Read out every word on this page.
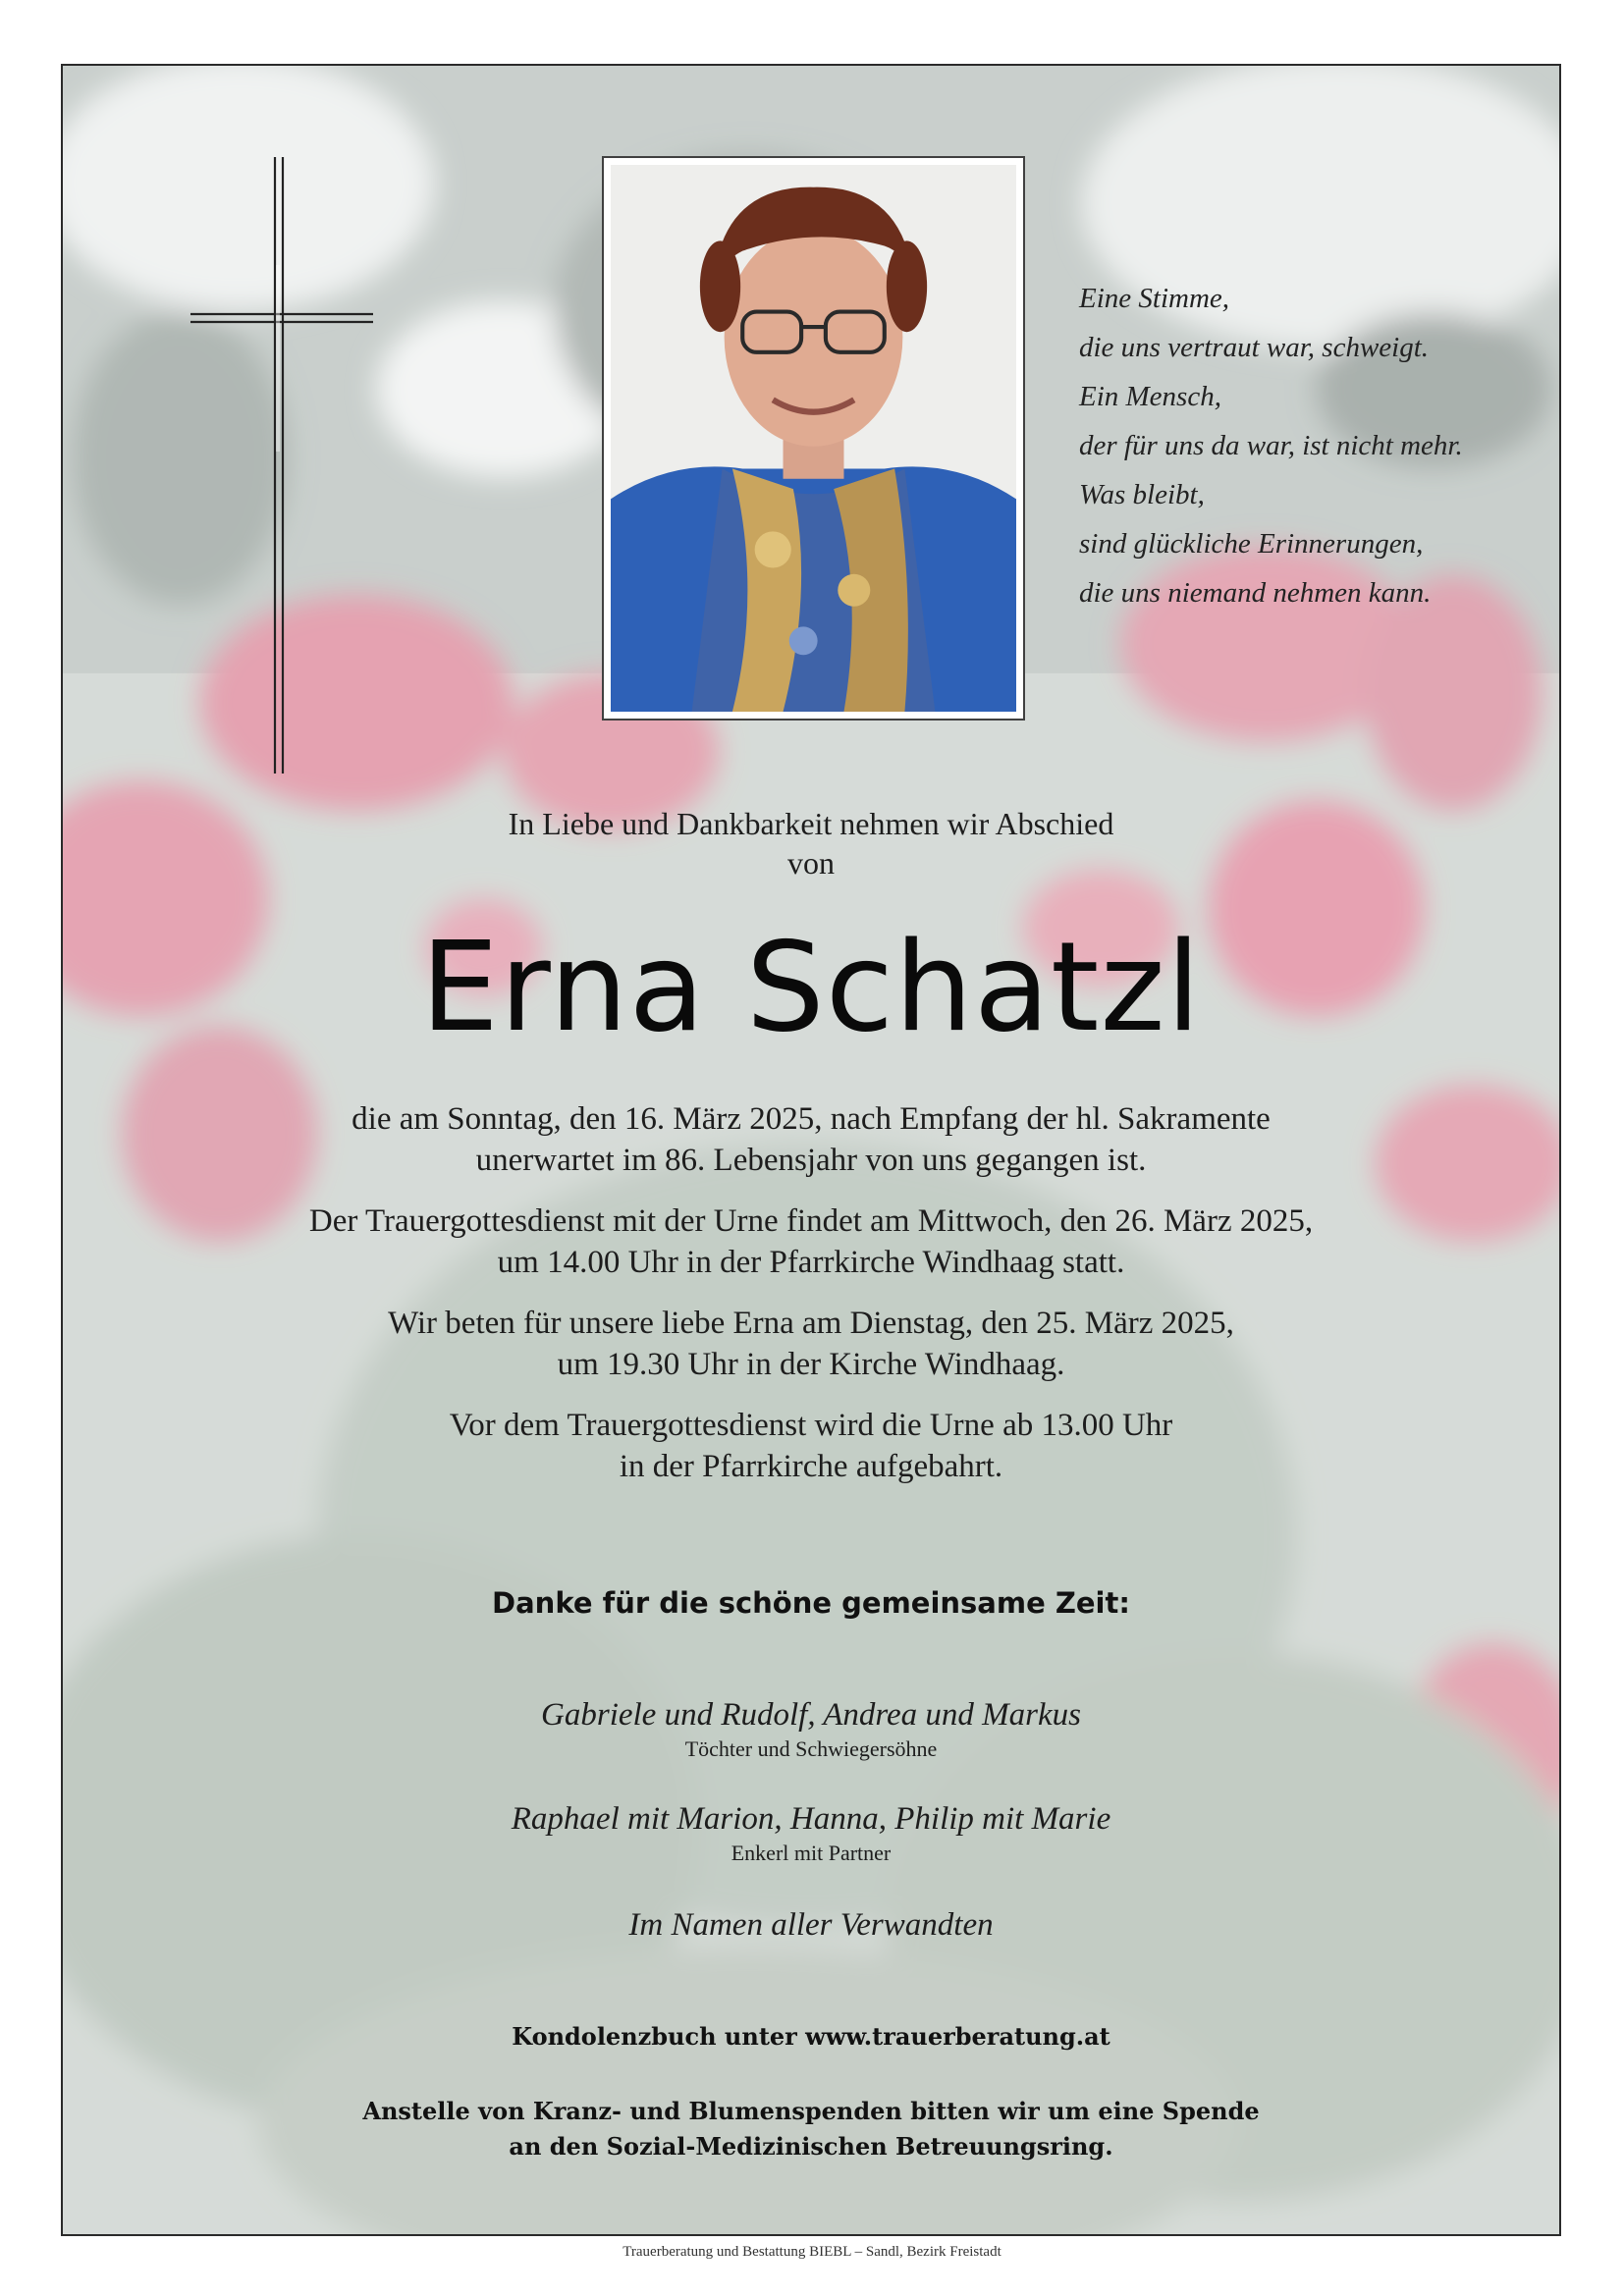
Eine Stimme,
die uns vertraut war, schweigt.
Ein Mensch,
der für uns da war, ist nicht mehr.
Was bleibt,
sind glückliche Erinnerungen,
die uns niemand nehmen kann.
In Liebe und Dankbarkeit nehmen wir Abschied
von
Erna Schatzl
die am Sonntag, den 16. März 2025, nach Empfang der hl. Sakramente
unerwartet im 86. Lebensjahr von uns gegangen ist.
Der Trauergottesdienst mit der Urne findet am Mittwoch, den 26. März 2025,
um 14.00 Uhr in der Pfarrkirche Windhaag statt.
Wir beten für unsere liebe Erna am Dienstag, den 25. März 2025,
um 19.30 Uhr in der Kirche Windhaag.
Vor dem Trauergottesdienst wird die Urne ab 13.00 Uhr
in der Pfarrkirche aufgebahrt.
Danke für die schöne gemeinsame Zeit:
Gabriele und Rudolf, Andrea und Markus
Töchter und Schwiegersöhne
Raphael mit Marion, Hanna, Philip mit Marie
Enkerl mit Partner
Im Namen aller Verwandten
Kondolenzbuch unter www.trauerberatung.at
Anstelle von Kranz- und Blumenspenden bitten wir um eine Spende
an den Sozial-Medizinischen Betreuungsring.
Trauerberatung und Bestattung BIEBL – Sandl, Bezirk Freistadt
